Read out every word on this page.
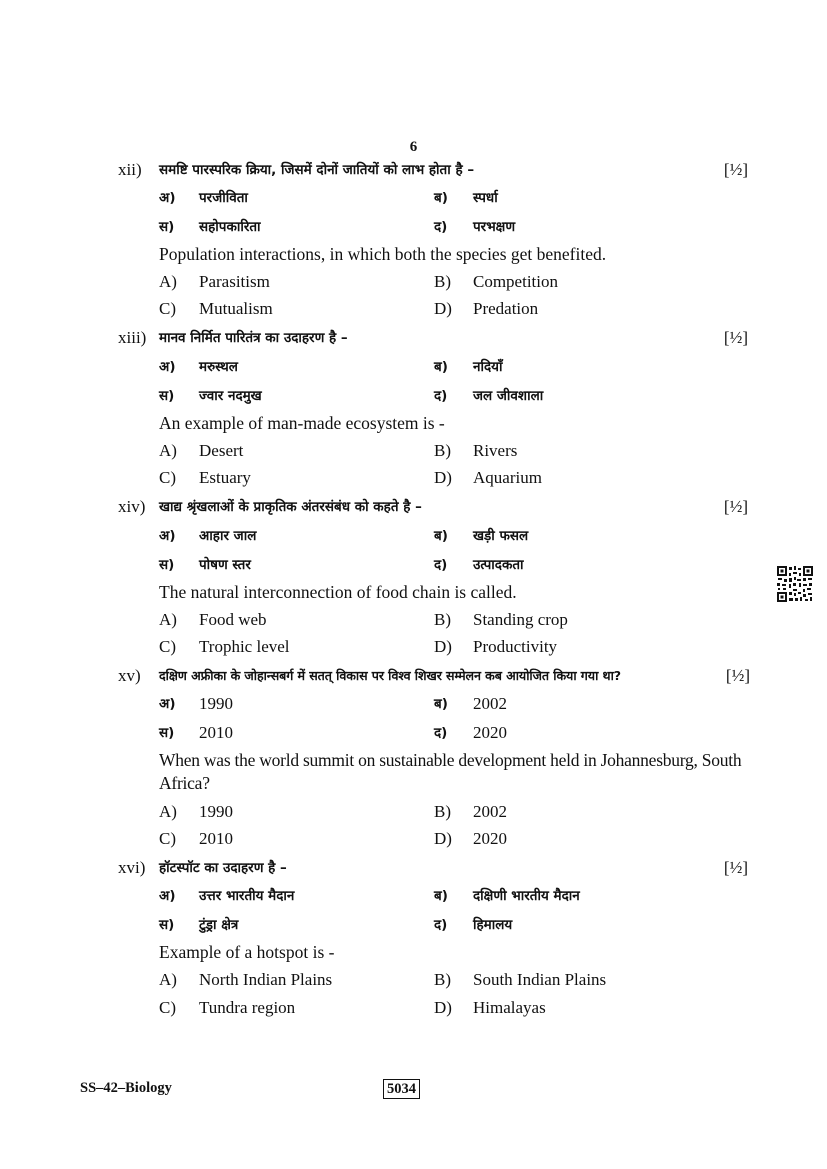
6
xii) समष्टि पारस्परिक क्रिया, जिसमें दोनों जातियों को लाभ होता है –	[½]
अ) परजीविता	ब) स्पर्धा
स) सहोपकारिता	द) परभक्षण
Population interactions, in which both the species get benefited.
A) Parasitism	B) Competition
C) Mutualism	D) Predation
xiii) मानव निर्मित पारितंत्र का उदाहरण है –	[½]
अ) मरुस्थल	ब) नदियाँ
स) ज्वार नदमुख	द) जल जीवशाला
An example of man-made ecosystem is -
A) Desert	B) Rivers
C) Estuary	D) Aquarium
xiv) खाद्य श्रृंखलाओं के प्राकृतिक अंतरसंबंध को कहते है –	[½]
अ) आहार जाल	ब) खड़ी फसल
स) पोषण स्तर	द) उत्पादकता
The natural interconnection of food chain is called.
A) Food web	B) Standing crop
C) Trophic level	D) Productivity
xv) दक्षिण अफ्रीका के जोहान्सबर्ग में सतत् विकास पर विश्व शिखर सम्मेलन कब आयोजित किया गया था?	[½]
अ) 1990	ब) 2002
स) 2010	द) 2020
When was the world summit on sustainable development held in Johannesburg, South Africa?
A) 1990	B) 2002
C) 2010	D) 2020
xvi) हॉटस्पॉट का उदाहरण है –	[½]
अ) उत्तर भारतीय मैदान	ब) दक्षिणी भारतीय मैदान
स) टुंड्रा क्षेत्र	द) हिमालय
Example of a hotspot is -
A) North Indian Plains	B) South Indian Plains
C) Tundra region	D) Himalayas
SS–42–Biology	5034
